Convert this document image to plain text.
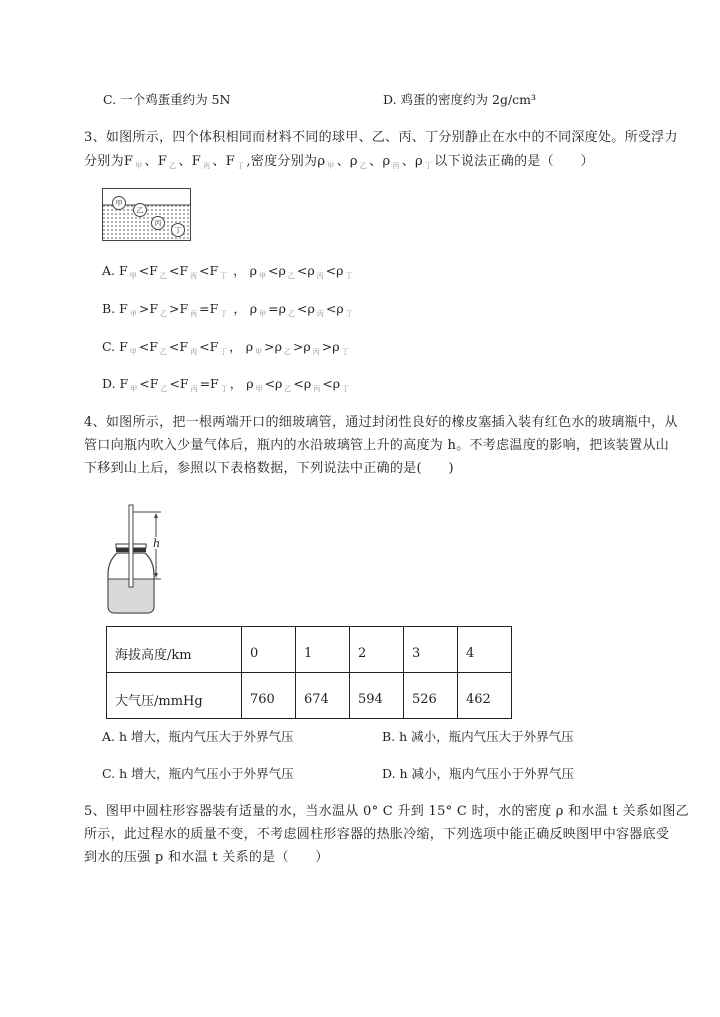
C. 一个鸡蛋重约为 5N	D. 鸡蛋的密度约为 2g/cm³
3、如图所示，四个体积相同而材料不同的球甲、乙、丙、丁分别静止在水中的不同深度处。所受浮力
分别为F $_甲$ 、F $_乙$ 、F $_丙$ 、F $_丁$ ,密度分别为ρ $_甲$ 、ρ $_乙$ 、ρ $_丙$ 、ρ $_丁$ 以下说法正确的是（　　）
甲
乙
丙
丁
A. F $_甲$ <F $_乙$ <F $_丙$ <F $_丁$ ， ρ $_甲$ <ρ $_乙$ <ρ $_丙$ <ρ $_丁$
B. F $_甲$ >F $_乙$ >F $_丙$ =F $_丁$ ， ρ $_甲$ =ρ $_乙$ <ρ $_丙$ <ρ $_丁$
C. F $_甲$ <F $_乙$ <F $_丙$ <F $_丁$ ， ρ $_甲$ >ρ $_乙$ >ρ $_丙$ >ρ $_丁$
D. F $_甲$ <F $_乙$ <F $_丙$ =F $_丁$ ， ρ $_甲$ <ρ $_乙$ <ρ $_丙$ <ρ $_丁$
4、如图所示，把一根两端开口的细玻璃管，通过封闭性良好的橡皮塞插入装有红色水的玻璃瓶中，从
管口向瓶内吹入少量气体后，瓶内的水沿玻璃管上升的高度为 h。不考虑温度的影响，把该装置从山
下移到山上后，参照以下表格数据，下列说法中正确的是(　　)
h
海拔高度/km	0	1	2	3	4
大气压/mmHg	760	674	594	526	462
A. h 增大，瓶内气压大于外界气压	B. h 减小，瓶内气压大于外界气压
C. h 增大，瓶内气压小于外界气压	D. h 减小，瓶内气压小于外界气压
5、图甲中圆柱形容器装有适量的水，当水温从 0° C 升到 15° C 时，水的密度 ρ 和水温 t 关系如图乙
所示，此过程水的质量不变，不考虑圆柱形容器的热胀冷缩，下列选项中能正确反映图甲中容器底受
到水的压强 p 和水温 t 关系的是（　　）
